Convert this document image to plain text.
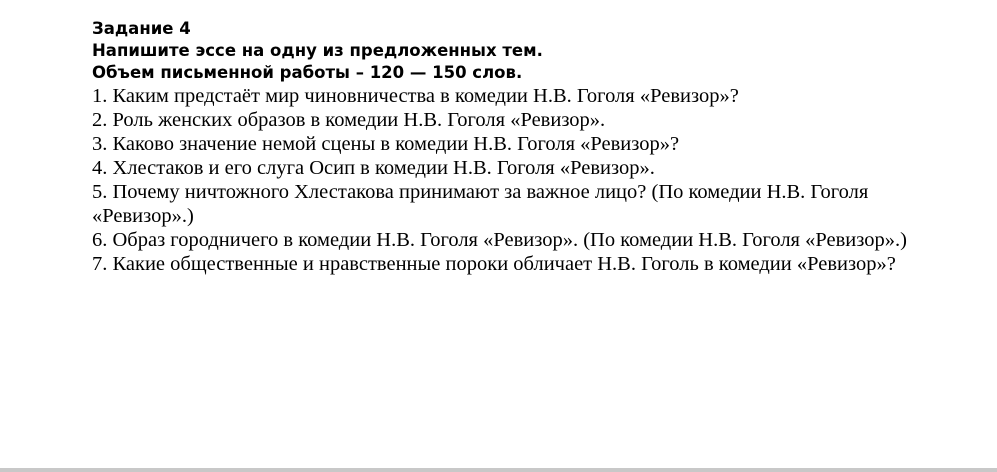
Задание 4
Напишите эссе на одну из предложенных тем.
Объем письменной работы – 120 — 150 слов.
1. Каким предстаёт мир чиновничества в комедии Н.В. Гоголя «Ревизор»?
2. Роль женских образов в комедии Н.В. Гоголя «Ревизор».
3. Каково значение немой сцены в комедии Н.В. Гоголя «Ревизор»?
4. Хлестаков и его слуга Осип в комедии Н.В. Гоголя «Ревизор».
5. Почему ничтожного Хлестакова принимают за важное лицо? (По комедии Н.В. Гоголя «Ревизор».)
6. Образ городничего в комедии Н.В. Гоголя «Ревизор». (По комедии Н.В. Гоголя «Ревизор».)
7. Какие общественные и нравственные пороки обличает Н.В. Гоголь в комедии «Ревизор»?
